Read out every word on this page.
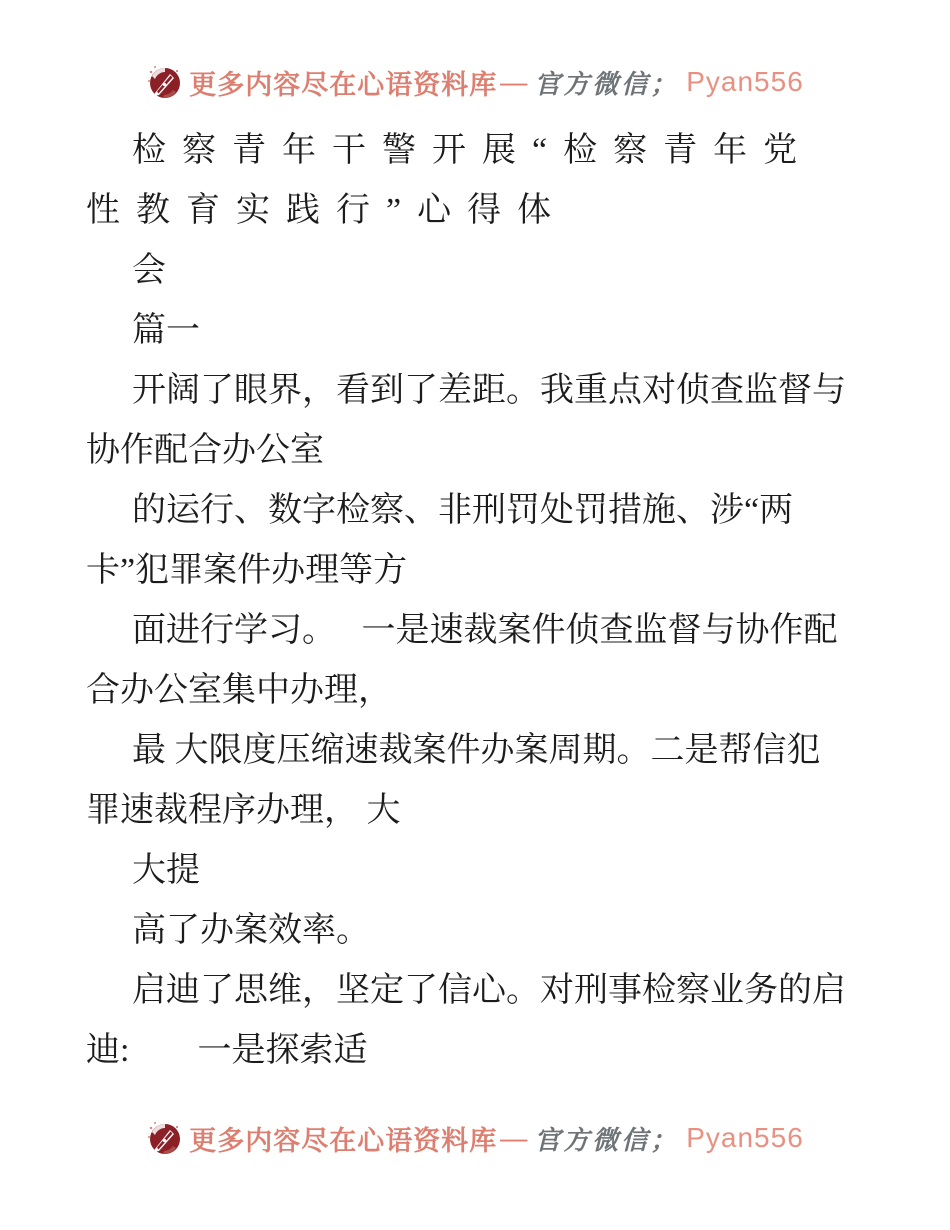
更多内容尽在心语资料库 — 官方微信； Pyan556

检察青年干警开展“检察青年党

性教育实践行”心得体

会

篇一

开阔了眼界，看到了差距。我重点对侦查监督与

协作配合办公室

的运行、数字检察、非刑罚处罚措施、涉“两

卡”犯罪案件办理等方

面进行学习。　 一是速裁案件侦查监督与协作配

合办公室集中办理，

最 大限度压缩速裁案件办案周期。二是帮信犯

罪速裁程序办理， 大

大提

高了办案效率。

启迪了思维，坚定了信心。对刑事检察业务的启

迪:　　一是探索适

更多内容尽在心语资料库 — 官方微信； Pyan556
